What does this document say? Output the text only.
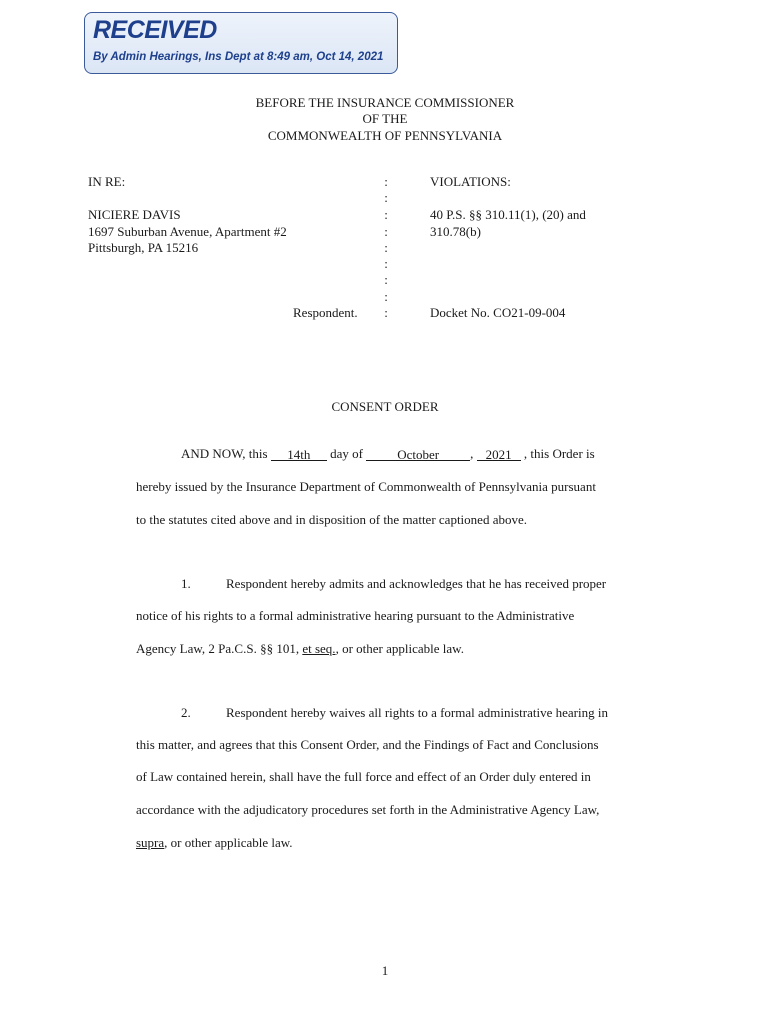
RECEIVED
By Admin Hearings, Ins Dept at 8:49 am, Oct 14, 2021
BEFORE THE INSURANCE COMMISSIONER
OF THE
COMMONWEALTH OF PENNSYLVANIA
IN RE:
NICIERE DAVIS
1697 Suburban Avenue, Apartment #2
Pittsburgh, PA 15216
Respondent.
:
:
:
:
:
:
:
:
:
VIOLATIONS:
40 P.S. §§ 310.11(1), (20) and
310.78(b)
Docket No. CO21-09-004
CONSENT ORDER
AND NOW, this 14th day of October , 2021 , this Order is
hereby issued by the Insurance Department of Commonwealth of Pennsylvania pursuant
to the statutes cited above and in disposition of the matter captioned above.
1.	Respondent hereby admits and acknowledges that he has received proper
notice of his rights to a formal administrative hearing pursuant to the Administrative
Agency Law, 2 Pa.C.S. §§ 101, et seq., or other applicable law.
2.	Respondent hereby waives all rights to a formal administrative hearing in
this matter, and agrees that this Consent Order, and the Findings of Fact and Conclusions
of Law contained herein, shall have the full force and effect of an Order duly entered in
accordance with the adjudicatory procedures set forth in the Administrative Agency Law,
supra, or other applicable law.
1
